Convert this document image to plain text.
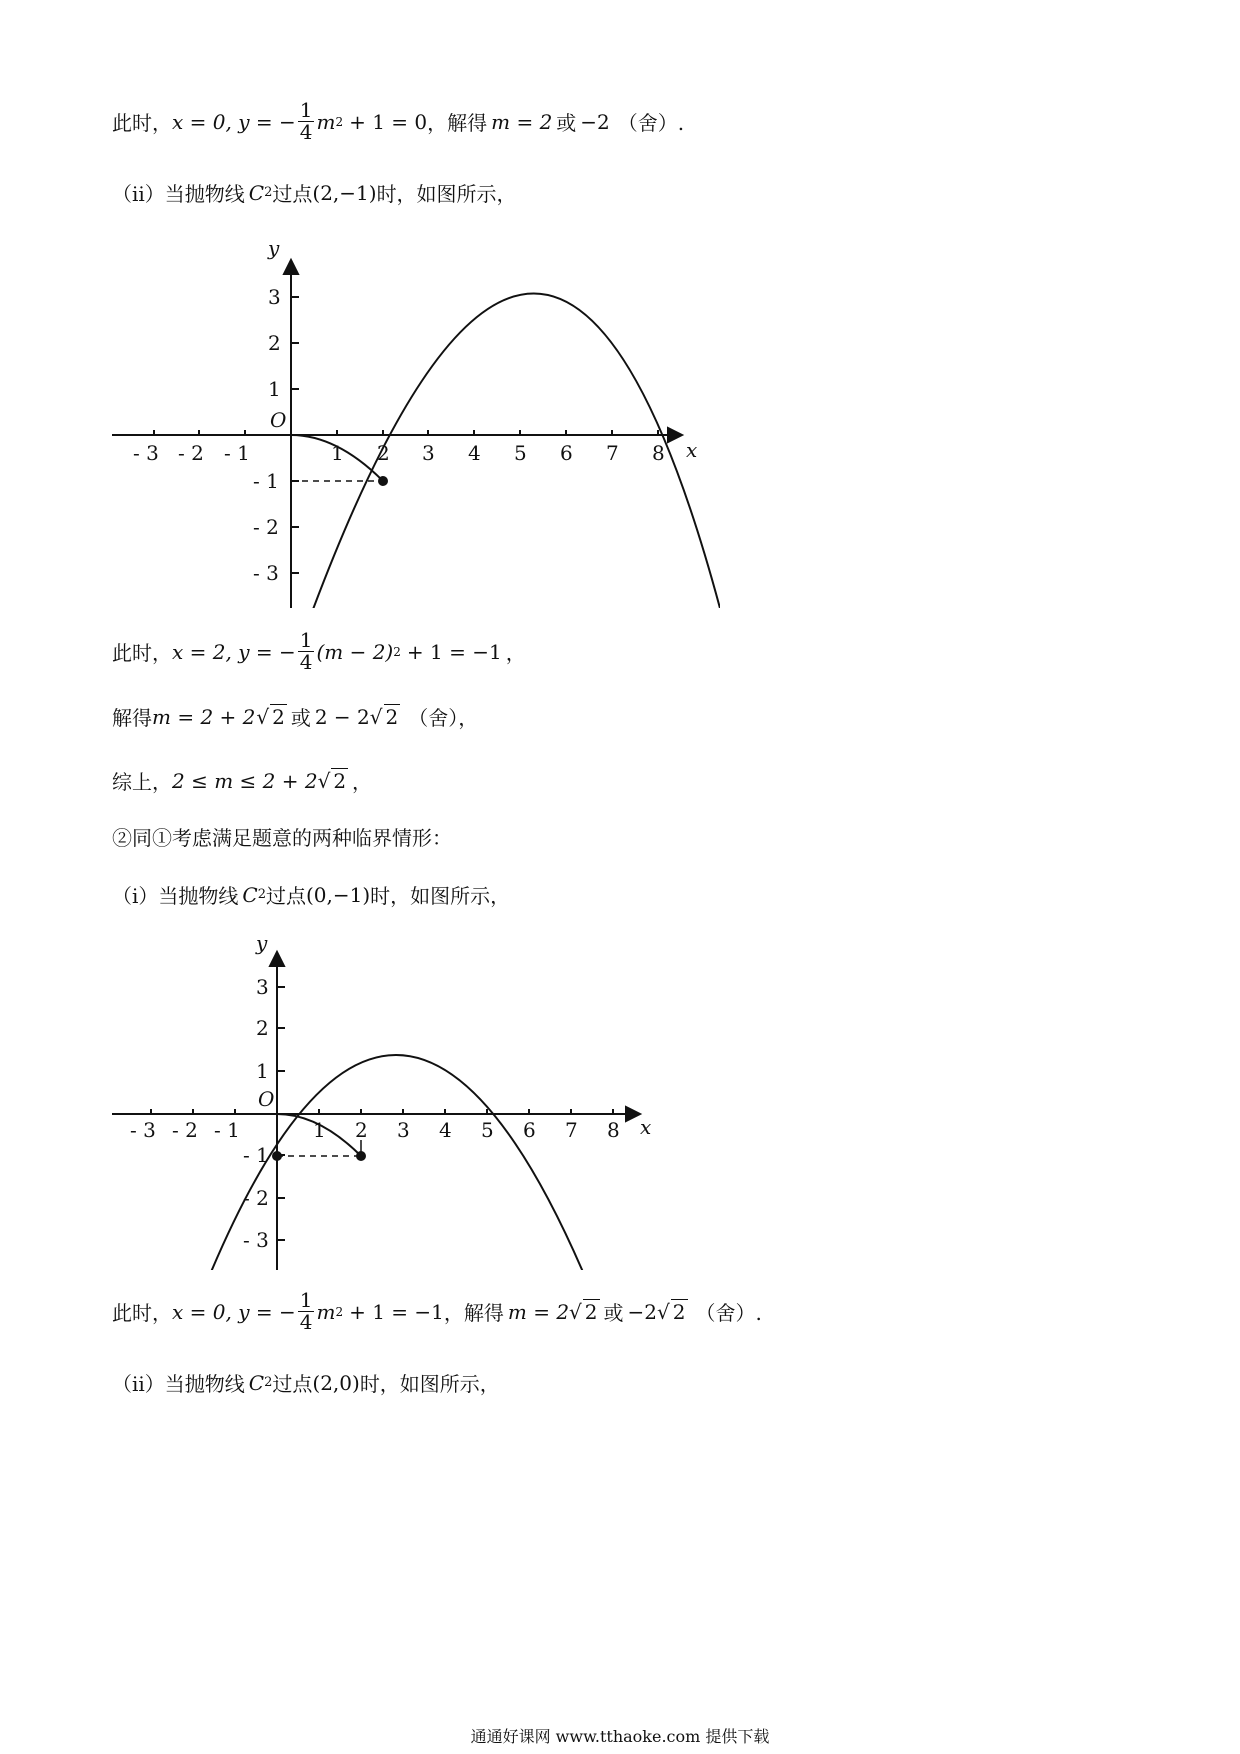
此时， x = 0, y = − $\frac{1}{4}$ m 2 + 1 = 0 ，解得 m = 2 或 −2 （舍）.
（ii）当抛物线 C 2 过点 (2,−1) 时，如图所示，
y
x
O
- 3 - 2 - 1	1 2 3 4 5 6 7 8
3
2
1
- 1
- 2
- 3
此时， x = 2, y = − $\frac{1}{4} (m - 2) 2 + 1 = -1$ ，
解得 m = 2 + 2 √ 2 或 2 − 2 √ 2 （舍），
综上， 2 ≤ m ≤ 2 + 2 √ 2 ，
②同①考虑满足题意的两种临界情形：
（i）当抛物线 C 2 过点 (0,−1) 时，如图所示，
y
x
O
- 3 - 2 - 1	1 2 3 4 5 6 7 8
3
2
1
- 1
- 2
- 3
此时， x = 0, y = − $\frac{1}{4}$ m 2 + 1 = −1 ，解得 m = 2 √ 2 或 −2 √ 2 （舍）.
（ii）当抛物线 C 2 过点 (2,0) 时，如图所示，
通通好课网 www.tthaoke.com 提供下载
